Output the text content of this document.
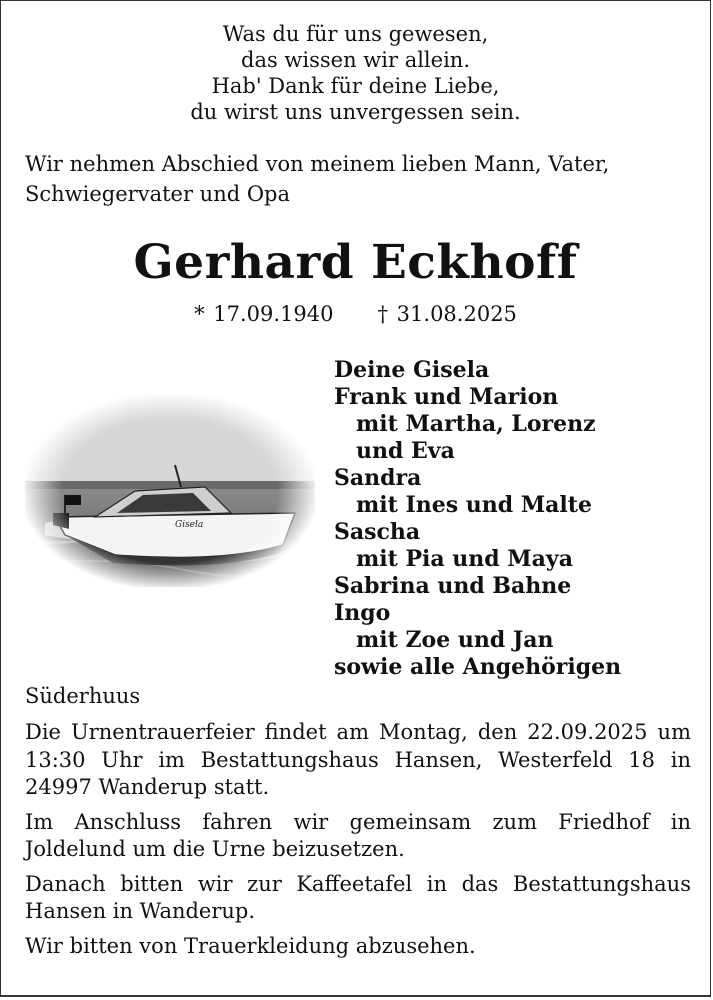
Was du für uns gewesen,
das wissen wir allein.
Hab' Dank für deine Liebe,
du wirst uns unvergessen sein.
Wir nehmen Abschied von meinem lieben Mann, Vater, Schwiegervater und Opa
Gerhard Eckhoff
* 17.09.1940 † 31.08.2025
Deine Gisela
Frank und Marion
mit Martha, Lorenz
und Eva
Sandra
mit Ines und Malte
Sascha
mit Pia und Maya
Sabrina und Bahne
Ingo
mit Zoe und Jan
sowie alle Angehörigen
Süderhuus

Die Urnentrauerfeier findet am Montag, den 22.09.2025 um 13:30 Uhr im Bestattungshaus Hansen, Westerfeld 18 in 24997 Wanderup statt.

Im Anschluss fahren wir gemeinsam zum Friedhof in Joldelund um die Urne beizusetzen.

Danach bitten wir zur Kaffeetafel in das Bestattungshaus Hansen in Wanderup.

Wir bitten von Trauerkleidung abzusehen.
